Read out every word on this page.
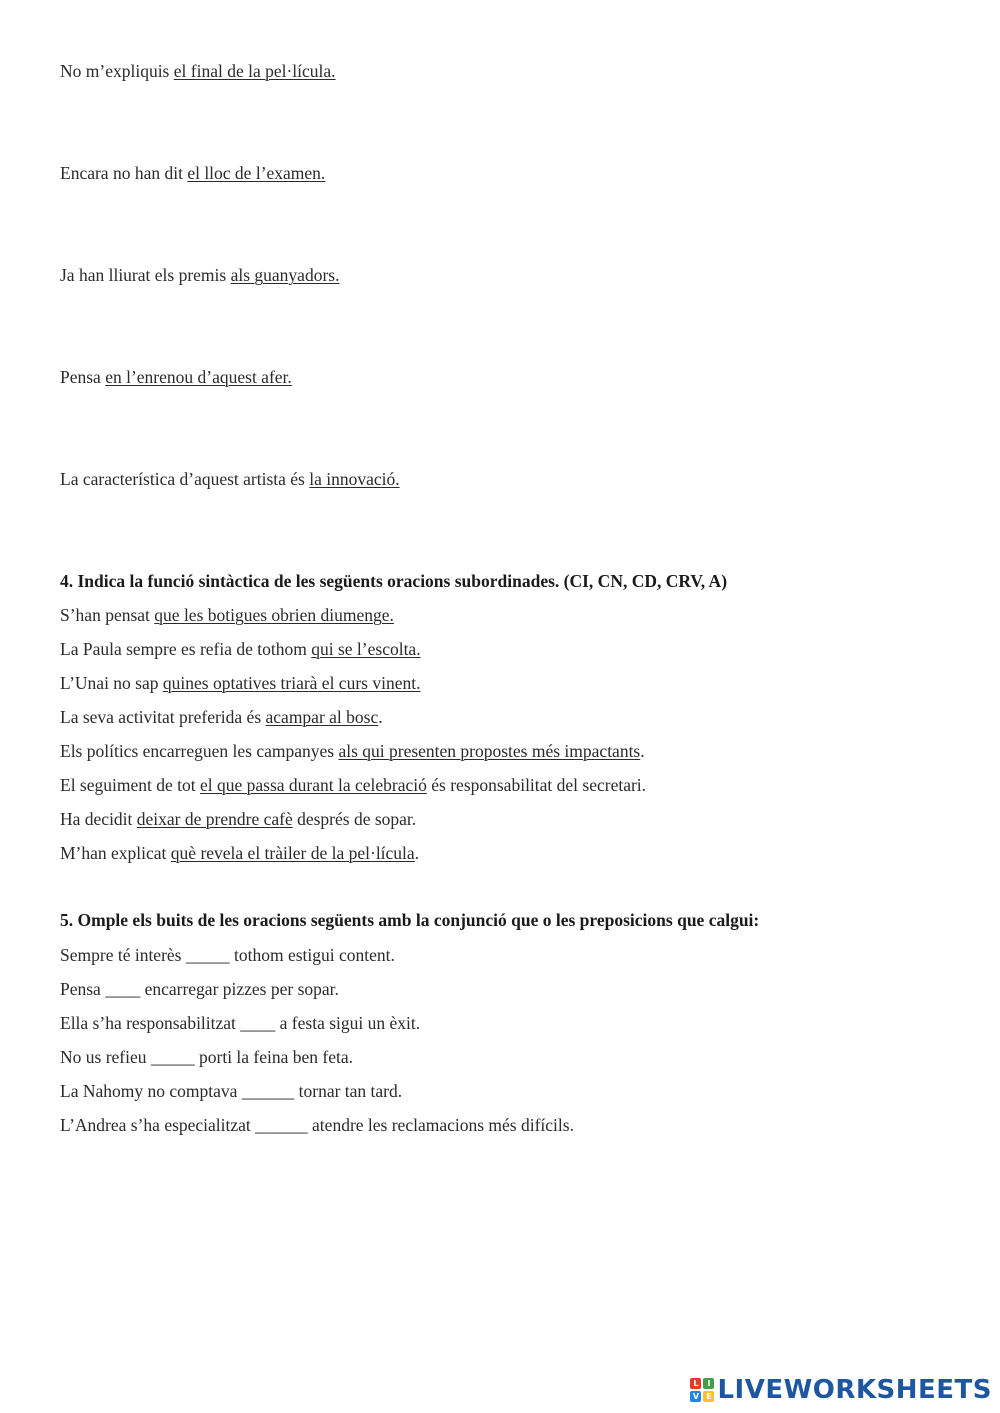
No m’expliquis el final de la pel·lícula.
Encara no han dit el lloc de l’examen.
Ja han lliurat els premis als guanyadors.
Pensa en l’enrenou d’aquest afer.
La característica d’aquest artista és la innovació.
4. Indica la funció sintàctica de les següents oracions subordinades. (CI, CN, CD, CRV, A)
S’han pensat que les botigues obrien diumenge.
La Paula sempre es refia de tothom qui se l’escolta.
L’Unai no sap quines optatives triarà el curs vinent.
La seva activitat preferida és acampar al bosc.
Els polítics encarreguen les campanyes als qui presenten propostes més impactants.
El seguiment de tot el que passa durant la celebració és responsabilitat del secretari.
Ha decidit deixar de prendre cafè després de sopar.
M’han explicat què revela el tràiler de la pel·lícula.
5. Omple els buits de les oracions següents amb la conjunció que o les preposicions que calgui:
Sempre té interès _____ tothom estigui content.
Pensa ____ encarregar pizzes per sopar.
Ella s’ha responsabilitzat ____ a festa sigui un èxit.
No us refieu _____ porti la feina ben feta.
La Nahomy no comptava ______ tornar tan tard.
L’Andrea s’ha especialitzat ______ atendre les reclamacions més difícils.
L	I
V E LIVEWORKSHEETS
